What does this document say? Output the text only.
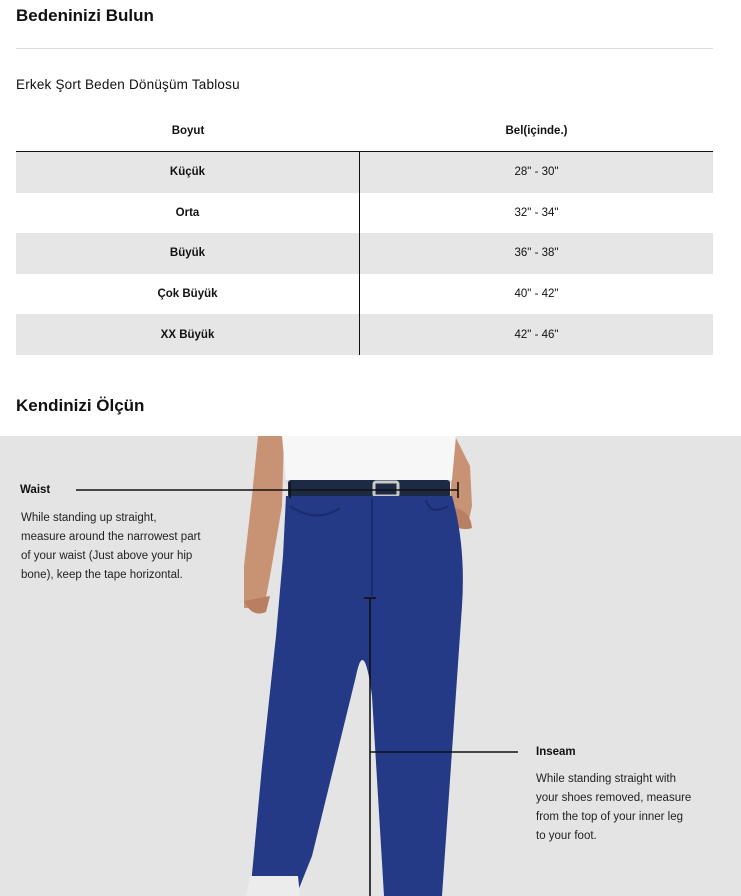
Bedeninizi Bulun
Erkek Şort Beden Dönüşüm Tablosu
Boyut	Bel(içinde.)
Küçük	28" - 30"
Orta	32" - 34"
Büyük	36" - 38"
Çok Büyük	40" - 42"
XX Büyük	42" - 46"
Kendinizi Ölçün
Waist
While standing up straight,
measure around the narrowest part
of your waist (Just above your hip
bone), keep the tape horizontal.
Inseam
While standing straight with
your shoes removed, measure
from the top of your inner leg
to your foot.
